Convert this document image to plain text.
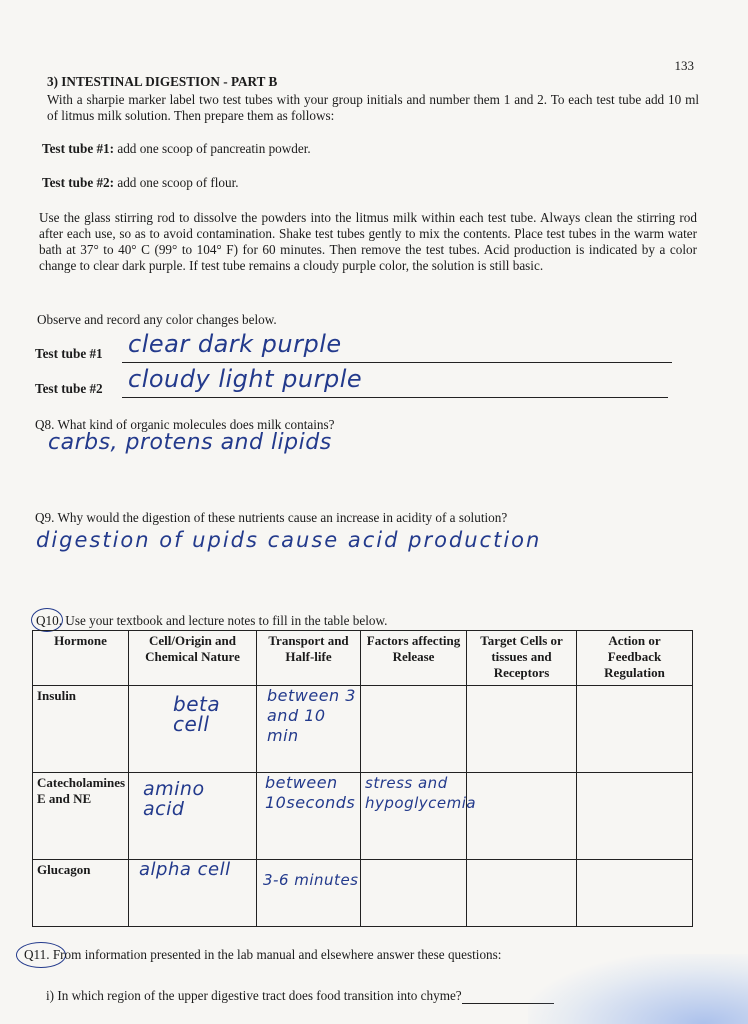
133
3) INTESTINAL DIGESTION - PART B
With a sharpie marker label two test tubes with your group initials and number them 1 and 2. To each test tube add 10 ml of litmus milk solution. Then prepare them as follows:
Test tube #1: add one scoop of pancreatin powder.
Test tube #2: add one scoop of flour.
Use the glass stirring rod to dissolve the powders into the litmus milk within each test tube. Always clean the stirring rod after each use, so as to avoid contamination. Shake test tubes gently to mix the contents. Place test tubes in the warm water bath at 37° to 40° C (99° to 104° F) for 60 minutes. Then remove the test tubes. Acid production is indicated by a color change to clear dark purple. If test tube remains a cloudy purple color, the solution is still basic.
Observe and record any color changes below.
Test tube #1 clear dark purple
Test tube #2 cloudy light purple
Q8. What kind of organic molecules does milk contains?
carbs, protens and lipids
Q9. Why would the digestion of these nutrients cause an increase in acidity of a solution?
digestion of upids cause acid production
Q10. Use your textbook and lecture notes to fill in the table below.
Hormone	Cell/Origin and Chemical Nature	Transport and Half-life	Factors affecting Release	Target Cells or tissues and Receptors	Action or Feedback Regulation
Insulin	beta cell	between 3 and 10 min			

Catecholamines E and NE	amino acid	between 10seconds	stress and hypoglycemia		

Glucagon	alpha cell	3-6 minutes			

Q11. From information presented in the lab manual and elsewhere answer these questions:
i) In which region of the upper digestive tract does food transition into chyme?
